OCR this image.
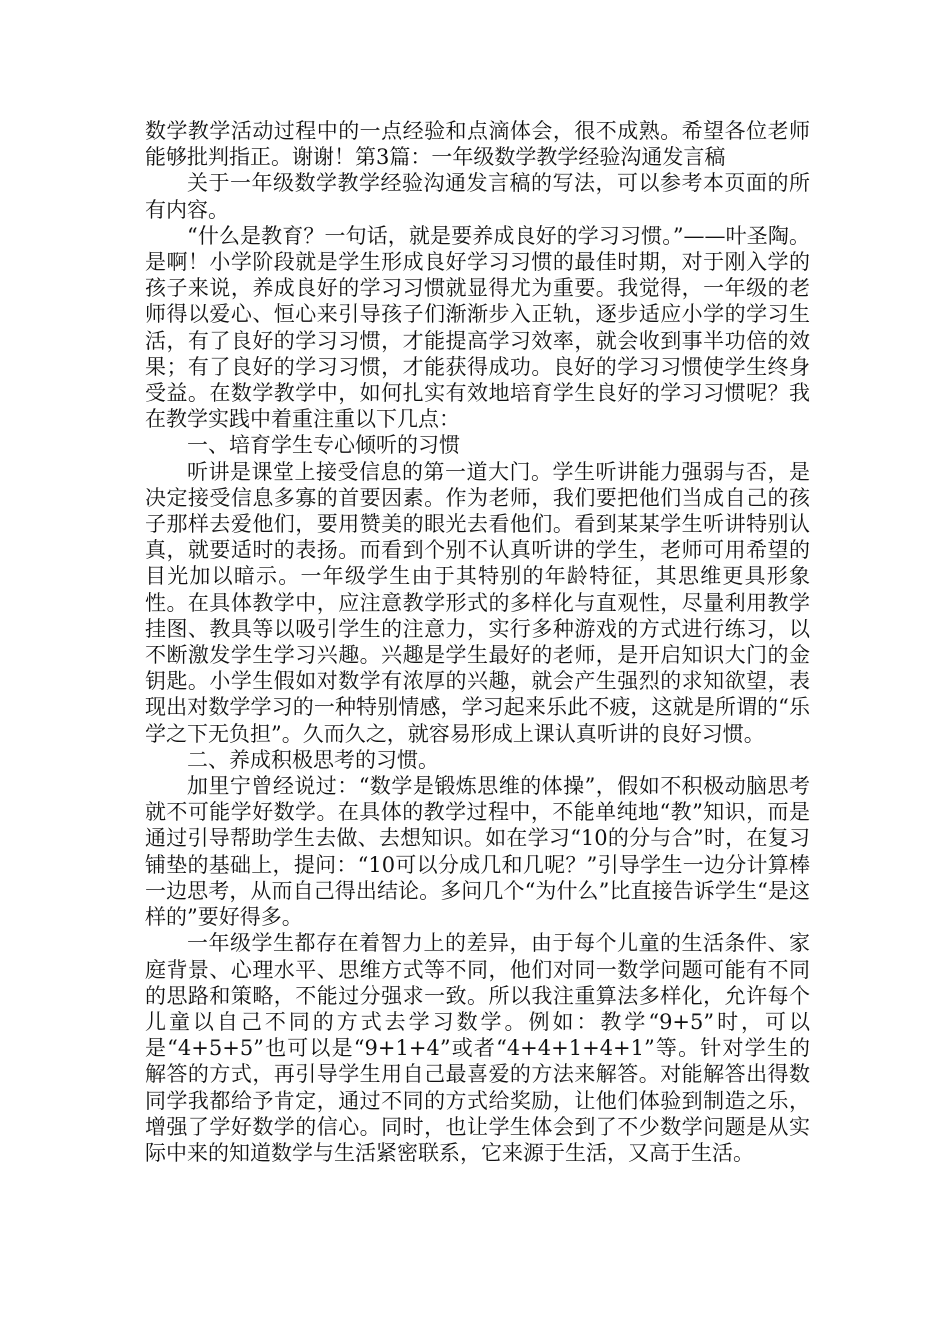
数学教学活动过程中的一点经验和点滴体会，很不成熟。希望各位老师能够批判指正。谢谢！第3篇：一年级数学教学经验沟通发言稿

关于一年级数学教学经验沟通发言稿的写法，可以参考本页面的所有内容。

“什么是教育？一句话，就是要养成良好的学习习惯。”——叶圣陶。是啊！小学阶段就是学生形成良好学习习惯的最佳时期，对于刚入学的孩子来说，养成良好的学习习惯就显得尤为重要。我觉得，一年级的老师得以爱心、恒心来引导孩子们渐渐步入正轨，逐步适应小学的学习生活，有了良好的学习习惯，才能提高学习效率，就会收到事半功倍的效果；有了良好的学习习惯，才能获得成功。良好的学习习惯使学生终身受益。在数学教学中，如何扎实有效地培育学生良好的学习习惯呢？我在教学实践中着重注重以下几点：

一、培育学生专心倾听的习惯

听讲是课堂上接受信息的第一道大门。学生听讲能力强弱与否，是决定接受信息多寡的首要因素。作为老师，我们要把他们当成自己的孩子那样去爱他们，要用赞美的眼光去看他们。看到某某学生听讲特别认真，就要适时的表扬。而看到个别不认真听讲的学生，老师可用希望的目光加以暗示。一年级学生由于其特别的年龄特征，其思维更具形象性。在具体教学中，应注意教学形式的多样化与直观性，尽量利用教学挂图、教具等以吸引学生的注意力，实行多种游戏的方式进行练习，以不断激发学生学习兴趣。兴趣是学生最好的老师，是开启知识大门的金钥匙。小学生假如对数学有浓厚的兴趣，就会产生强烈的求知欲望，表现出对数学学习的一种特别情感，学习起来乐此不疲，这就是所谓的“乐学之下无负担”。久而久之，就容易形成上课认真听讲的良好习惯。

二、养成积极思考的习惯。

加里宁曾经说过：“数学是锻炼思维的体操”，假如不积极动脑思考就不可能学好数学。在具体的教学过程中，不能单纯地“教”知识，而是通过引导帮助学生去做、去想知识。如在学习“10的分与合”时，在复习铺垫的基础上，提问：“10可以分成几和几呢？”引导学生一边分计算棒一边思考，从而自己得出结论。多问几个“为什么”比直接告诉学生“是这样的”要好得多。

一年级学生都存在着智力上的差异，由于每个儿童的生活条件、家庭背景、心理水平、思维方式等不同，他们对同一数学问题可能有不同的思路和策略，不能过分强求一致。所以我注重算法多样化，允许每个儿童以自己不同的方式去学习数学。例如：教学“9+5”时，可以是“4+5+5”也可以是“9+1+4”或者“4+4+1+4+1”等。针对学生的解答的方式，再引导学生用自己最喜爱的方法来解答。对能解答出得数同学我都给予肯定，通过不同的方式给奖励，让他们体验到制造之乐，增强了学好数学的信心。同时，也让学生体会到了不少数学问题是从实际中来的知道数学与生活紧密联系，它来源于生活，又高于生活。
